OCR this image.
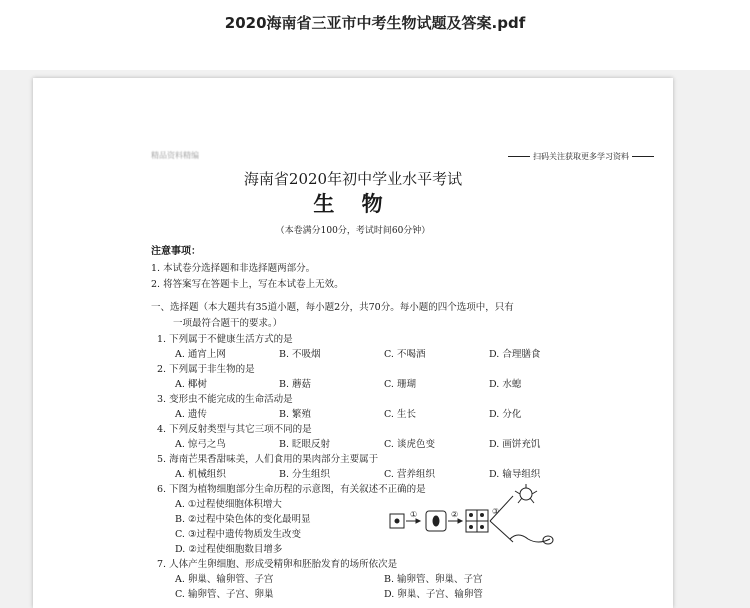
2020海南省三亚市中考生物试题及答案.pdf
精品资料精编	扫码关注获取更多学习资料
海南省2020年初中学业水平考试
生 物
（本卷满分100分，考试时间60分钟）
注意事项：
1. 本试卷分选择题和非选择题两部分。
2. 将答案写在答题卡上，写在本试卷上无效。
一、选择题（本大题共有35道小题，每小题2分，共70分。每小题的四个选项中，只有
一项最符合题干的要求。）
1. 下列属于不健康生活方式的是
A. 通宵上网	B. 不吸烟	C. 不喝酒	D. 合理膳食
2. 下列属于非生物的是
A. 椰树	B. 蘑菇	C. 珊瑚	D. 水螅
3. 变形虫不能完成的生命活动是
A. 遗传	B. 繁殖	C. 生长	D. 分化
4. 下列反射类型与其它三项不同的是
A. 惊弓之鸟	B. 眨眼反射	C. 谈虎色变	D. 画饼充饥
5. 海南芒果香甜味美，人们食用的果肉部分主要属于
A. 机械组织	B. 分生组织	C. 营养组织	D. 输导组织
6. 下图为植物细胞部分生命历程的示意图，有关叙述不正确的是
A. ①过程使细胞体积增大
B. ②过程中染色体的变化最明显
C. ③过程中遗传物质发生改变
D. ②过程使细胞数目增多
①	②	③
7. 人体产生卵细胞、形成受精卵和胚胎发育的场所依次是
A. 卵巢、输卵管、子宫	B. 输卵管、卵巢、子宫
C. 输卵管、子宫、卵巢	D. 卵巢、子宫、输卵管
